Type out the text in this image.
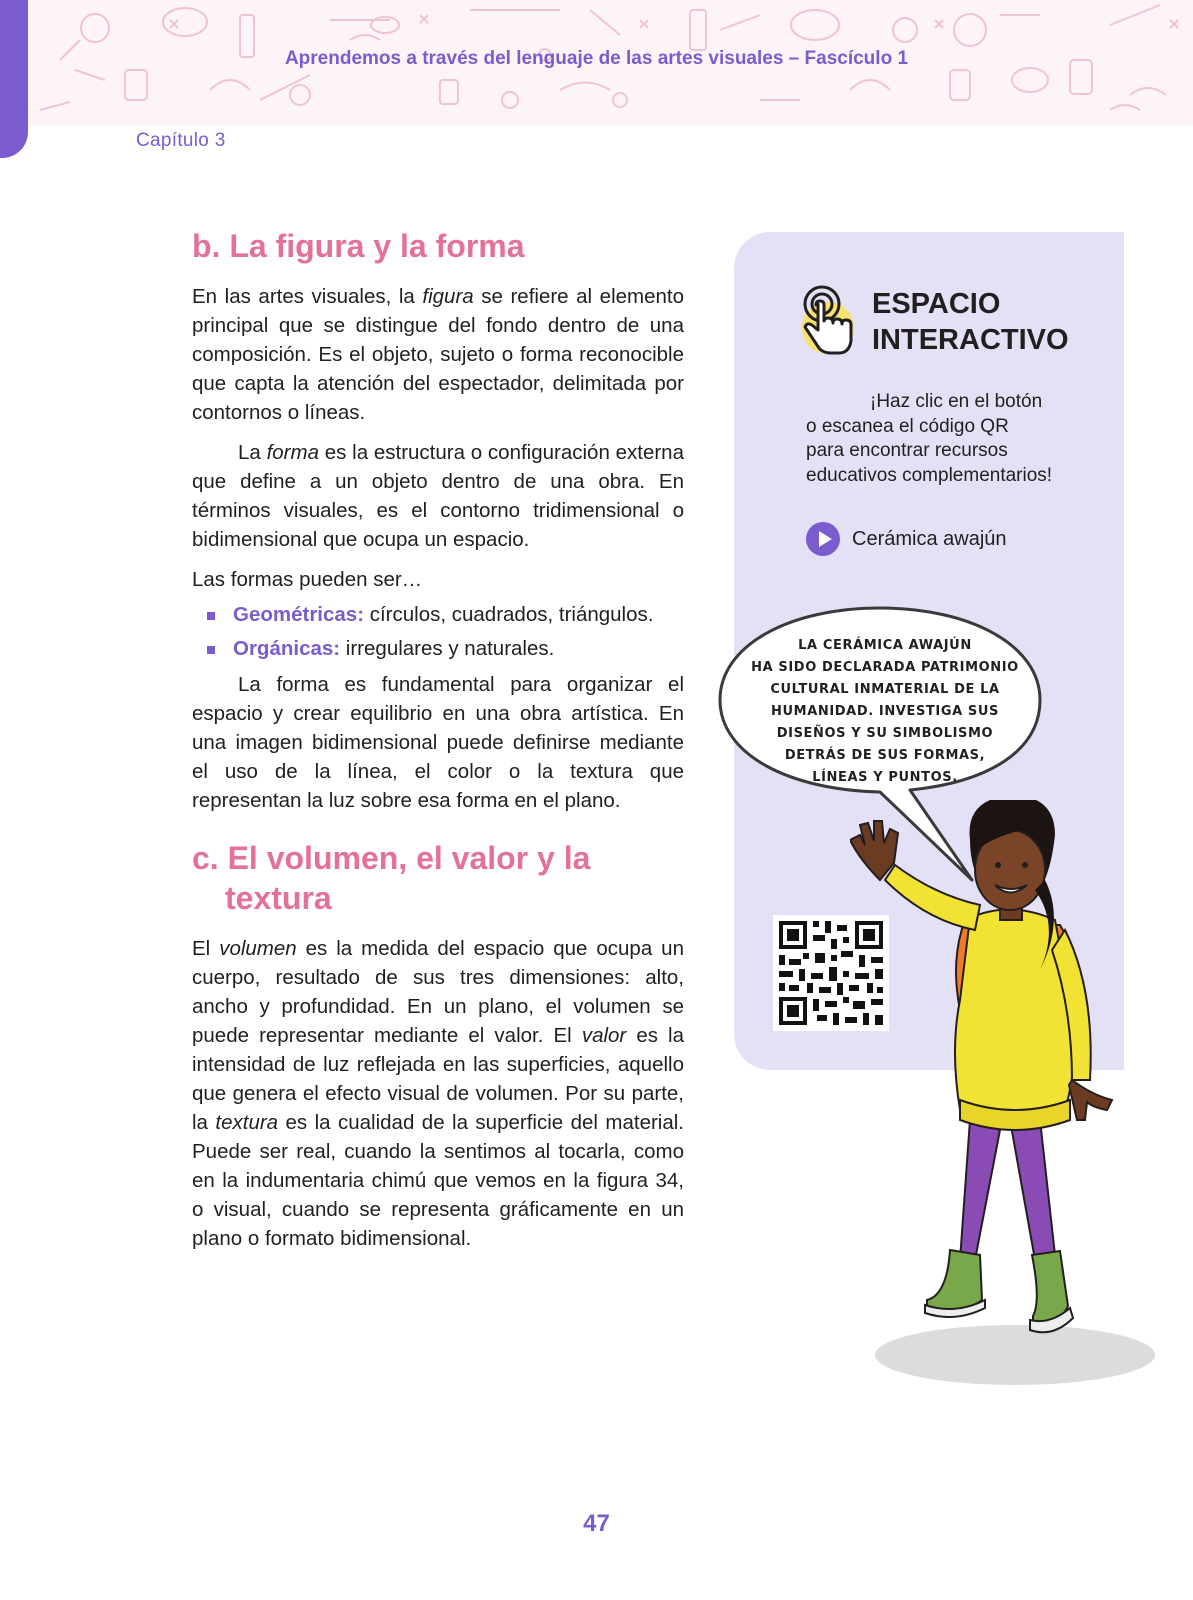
Aprendemos a través del lenguaje de las artes visuales – Fascículo 1
Capítulo 3
b. La figura y la forma

En las artes visuales, la figura se refiere al elemento principal que se distingue del fondo dentro de una composición. Es el objeto, sujeto o forma reconocible que capta la atención del espectador, delimitada por contornos o líneas.

La forma es la estructura o configuración externa que define a un objeto dentro de una obra. En términos visuales, es el contorno tridimensional o bidimensional que ocupa un espacio.

Las formas pueden ser…

Geométricas: círculos, cuadrados, triángulos.
Orgánicas: irregulares y naturales.

La forma es fundamental para organizar el espacio y crear equilibrio en una obra artística. En una imagen bidimensional puede definirse mediante el uso de la línea, el color o la textura que representan la luz sobre esa forma en el plano.

c. El volumen, el valor y la
textura

El volumen es la medida del espacio que ocupa un cuerpo, resultado de sus tres dimensiones: alto, ancho y profundidad. En un plano, el volumen se puede representar mediante el valor. El valor es la intensidad de luz reflejada en las superficies, aquello que genera el efecto visual de volumen. Por su parte, la textura es la cualidad de la superficie del material. Puede ser real, cuando la sentimos al tocarla, como en la indumentaria chimú que vemos en la figura 34, o visual, cuando se representa gráficamente en un plano o formato bidimensional.

ESPACIO
INTERACTIVO

¡Haz clic en el botón
o escanea el código QR
para encontrar recursos
educativos complementarios!

Cerámica awajún

LA CERÁMICA AWAJÚN
HA SIDO DECLARADA PATRIMONIO
CULTURAL INMATERIAL DE LA
HUMANIDAD. INVESTIGA SUS
DISEÑOS Y SU SIMBOLISMO
DETRÁS DE SUS FORMAS,
LÍNEAS Y PUNTOS.

47
